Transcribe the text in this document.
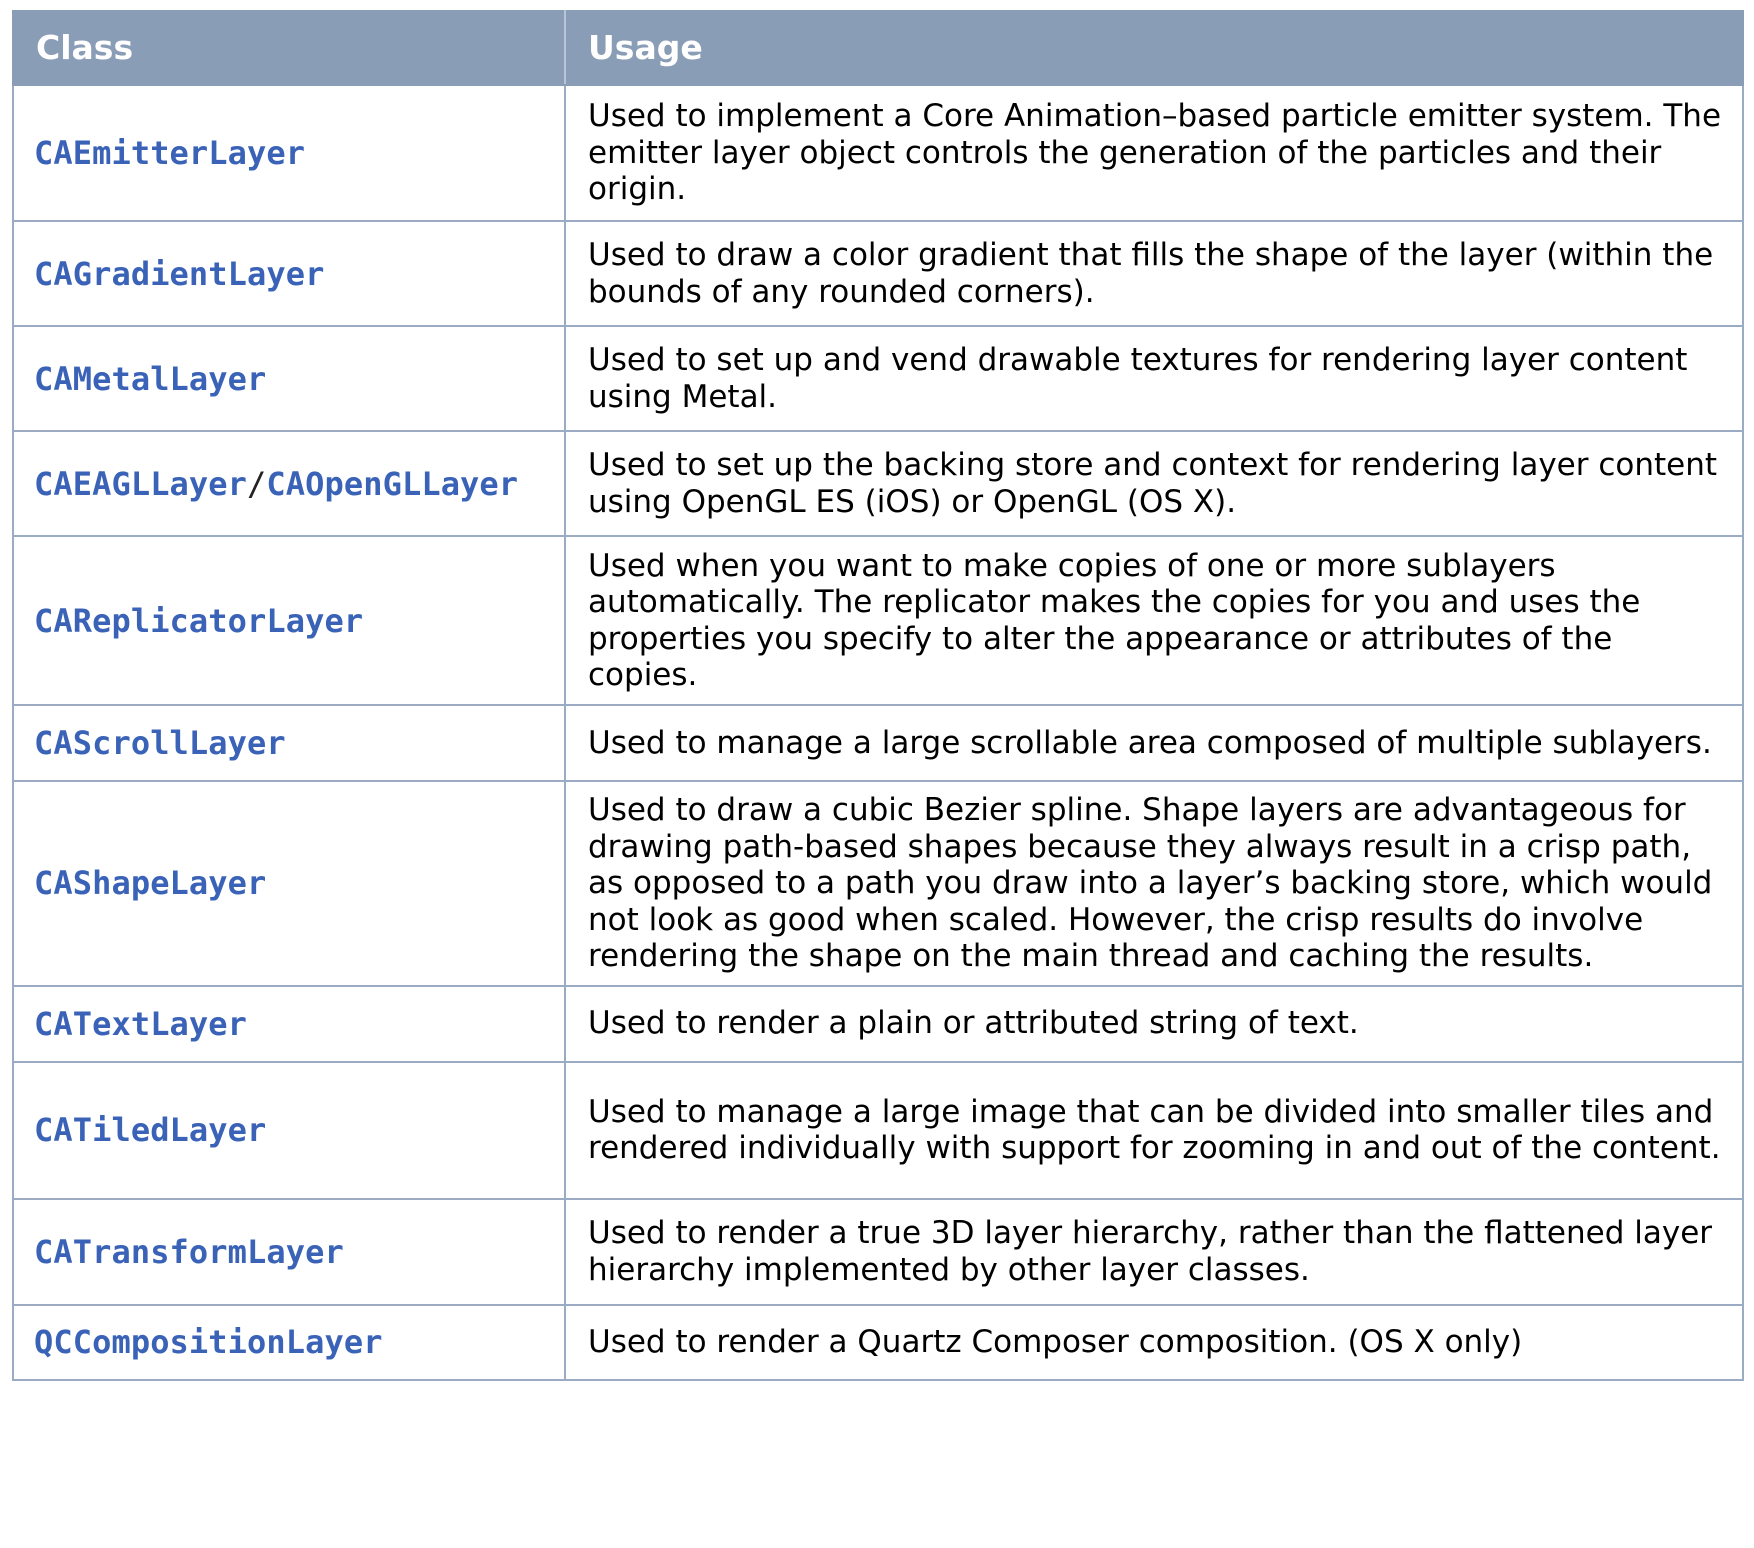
Class	Usage
CAEmitterLayer	Used to implement a Core Animation–based particle emitter system. The emitter layer object controls the generation of the particles and their origin.
CAGradientLayer	Used to draw a color gradient that fills the shape of the layer (within the bounds of any rounded corners).
CAMetalLayer	Used to set up and vend drawable textures for rendering layer content using Metal.
CAEAGLLayer/CAOpenGLLayer	Used to set up the backing store and context for rendering layer content using OpenGL ES (iOS) or OpenGL (OS X).
CAReplicatorLayer	Used when you want to make copies of one or more sublayers automatically. The replicator makes the copies for you and uses the properties you specify to alter the appearance or attributes of the copies.
CAScrollLayer	Used to manage a large scrollable area composed of multiple sublayers.
CAShapeLayer	Used to draw a cubic Bezier spline. Shape layers are advantageous for drawing path-based shapes because they always result in a crisp path, as opposed to a path you draw into a layer’s backing store, which would not look as good when scaled. However, the crisp results do involve rendering the shape on the main thread and caching the results.
CATextLayer	Used to render a plain or attributed string of text.
CATiledLayer	Used to manage a large image that can be divided into smaller tiles and rendered individually with support for zooming in and out of the content.
CATransformLayer	Used to render a true 3D layer hierarchy, rather than the flattened layer hierarchy implemented by other layer classes.
QCCompositionLayer	Used to render a Quartz Composer composition. (OS X only)
